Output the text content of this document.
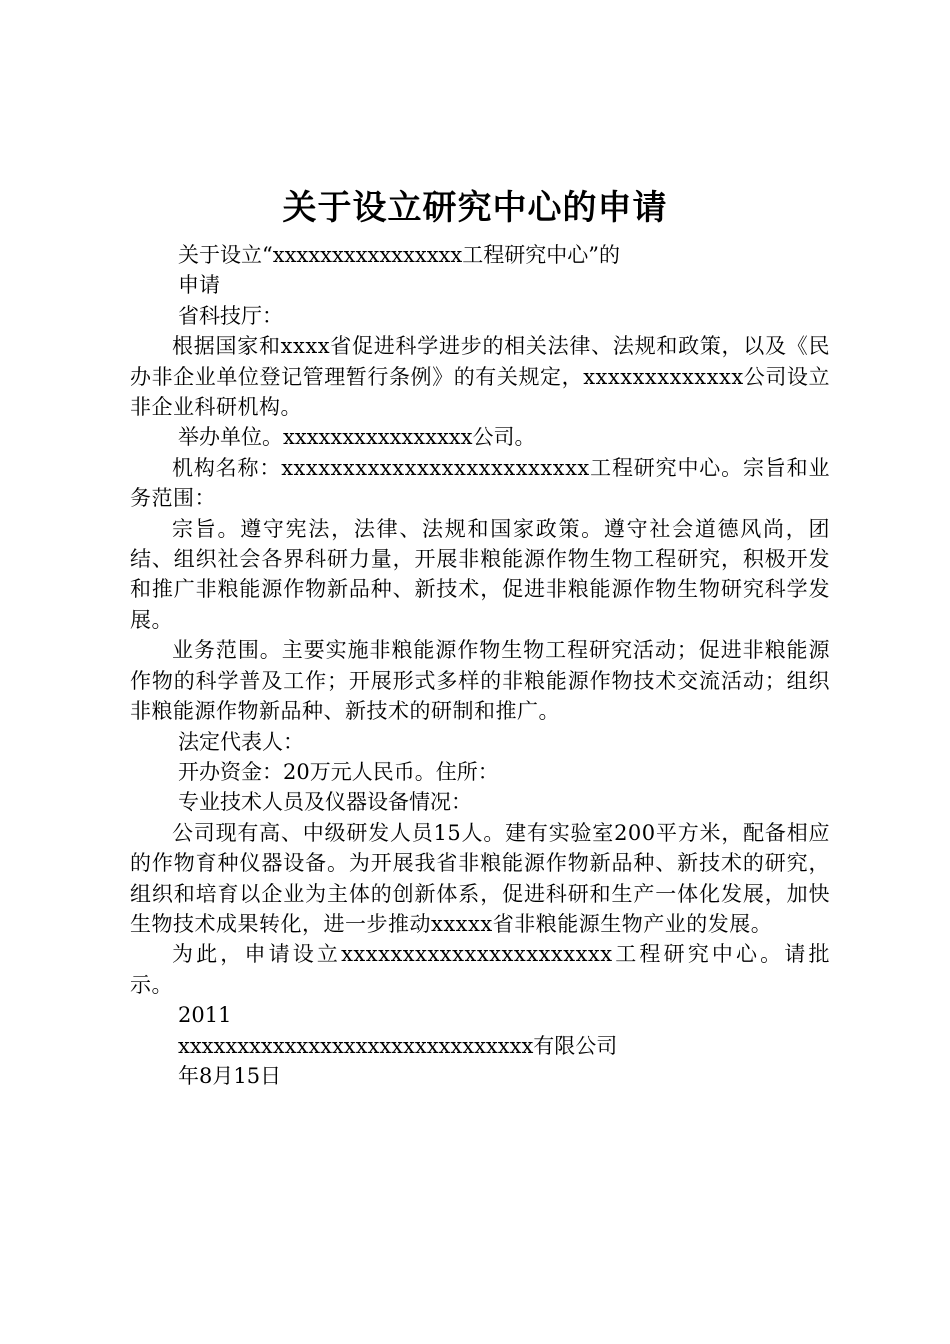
关于设立研究中心的申请
关于设立“xxxxxxxxxxxxxxxx工程研究中心”的
申请
省科技厅：

根据国家和xxxx省促进科学进步的相关法律、法规和政策，以及《民办非企业单位登记管理暂行条例》的有关规定，xxxxxxxxxxxxx公司设立非企业科研机构。

举办单位。xxxxxxxxxxxxxxxx公司。

机构名称：xxxxxxxxxxxxxxxxxxxxxxxxx工程研究中心。宗旨和业务范围：

宗旨。遵守宪法，法律、法规和国家政策。遵守社会道德风尚，团结、组织社会各界科研力量，开展非粮能源作物生物工程研究，积极开发和推广非粮能源作物新品种、新技术，促进非粮能源作物生物研究科学发展。

业务范围。主要实施非粮能源作物生物工程研究活动；促进非粮能源作物的科学普及工作；开展形式多样的非粮能源作物技术交流活动；组织非粮能源作物新品种、新技术的研制和推广。

法定代表人：
开办资金：20万元人民币。住所：
专业技术人员及仪器设备情况：

公司现有高、中级研发人员15人。建有实验室200平方米，配备相应的作物育种仪器设备。为开展我省非粮能源作物新品种、新技术的研究，组织和培育以企业为主体的创新体系，促进科研和生产一体化发展，加快生物技术成果转化，进一步推动xxxxx省非粮能源生物产业的发展。

为此，申请设立xxxxxxxxxxxxxxxxxxxxxx工程研究中心。请批示。

2011
xxxxxxxxxxxxxxxxxxxxxxxxxxxxxx有限公司
年8月15日
